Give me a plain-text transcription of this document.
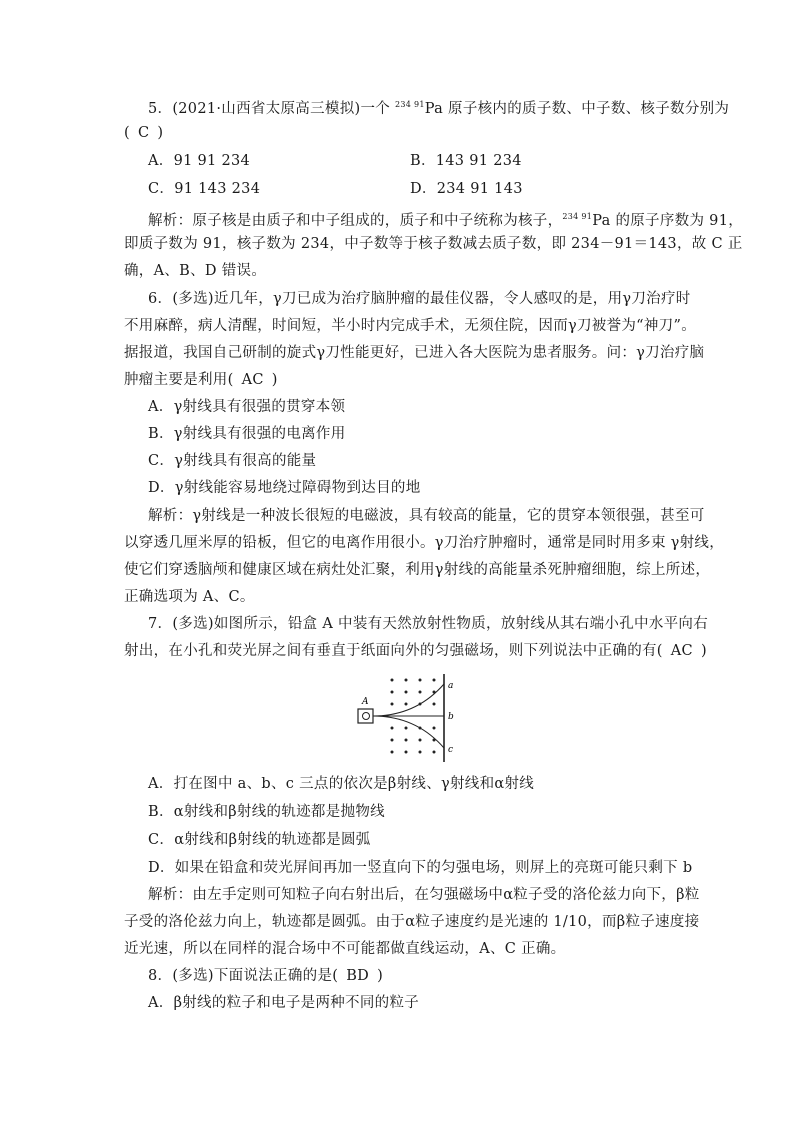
5．(2021·山西省太原高三模拟)一个 $^{234 91}$Pa 原子核内的质子数、中子数、核子数分别为
( C )
A．91 91 234	B．143 91 234
C．91 143 234	D．234 91 143
解析：原子核是由质子和中子组成的，质子和中子统称为核子，$^{234 91}$Pa 的原子序数为 91，
即质子数为 91，核子数为 234，中子数等于核子数减去质子数，即 234－91＝143，故 C 正
确，A、B、D 错误。
6．(多选)近几年，γ刀已成为治疗脑肿瘤的最佳仪器，令人感叹的是，用γ刀治疗时
不用麻醉，病人清醒，时间短，半小时内完成手术，无须住院，因而γ刀被誉为“神刀”。
据报道，我国自己研制的旋式γ刀性能更好，已进入各大医院为患者服务。问：γ刀治疗脑
肿瘤主要是利用( AC )
A．γ射线具有很强的贯穿本领
B．γ射线具有很强的电离作用
C．γ射线具有很高的能量
D．γ射线能容易地绕过障碍物到达目的地
解析：γ射线是一种波长很短的电磁波，具有较高的能量，它的贯穿本领很强，甚至可
以穿透几厘米厚的铅板，但它的电离作用很小。γ刀治疗肿瘤时，通常是同时用多束 γ射线，
使它们穿透脑颅和健康区域在病灶处汇聚，利用γ射线的高能量杀死肿瘤细胞，综上所述，
正确选项为 A、C。
7．(多选)如图所示，铅盒 A 中装有天然放射性物质，放射线从其右端小孔中水平向右
射出，在小孔和荧光屏之间有垂直于纸面向外的匀强磁场，则下列说法中正确的有( AC )
A
a
b
c
A．打在图中 a、b、c 三点的依次是β射线、γ射线和α射线
B．α射线和β射线的轨迹都是抛物线
C．α射线和β射线的轨迹都是圆弧
D．如果在铅盒和荧光屏间再加一竖直向下的匀强电场，则屏上的亮斑可能只剩下 b
解析：由左手定则可知粒子向右射出后，在匀强磁场中α粒子受的洛伦兹力向下，β粒
子受的洛伦兹力向上，轨迹都是圆弧。由于α粒子速度约是光速的 1/10，而β粒子速度接
近光速，所以在同样的混合场中不可能都做直线运动，A、C 正确。
8．(多选)下面说法正确的是( BD )
A．β射线的粒子和电子是两种不同的粒子
